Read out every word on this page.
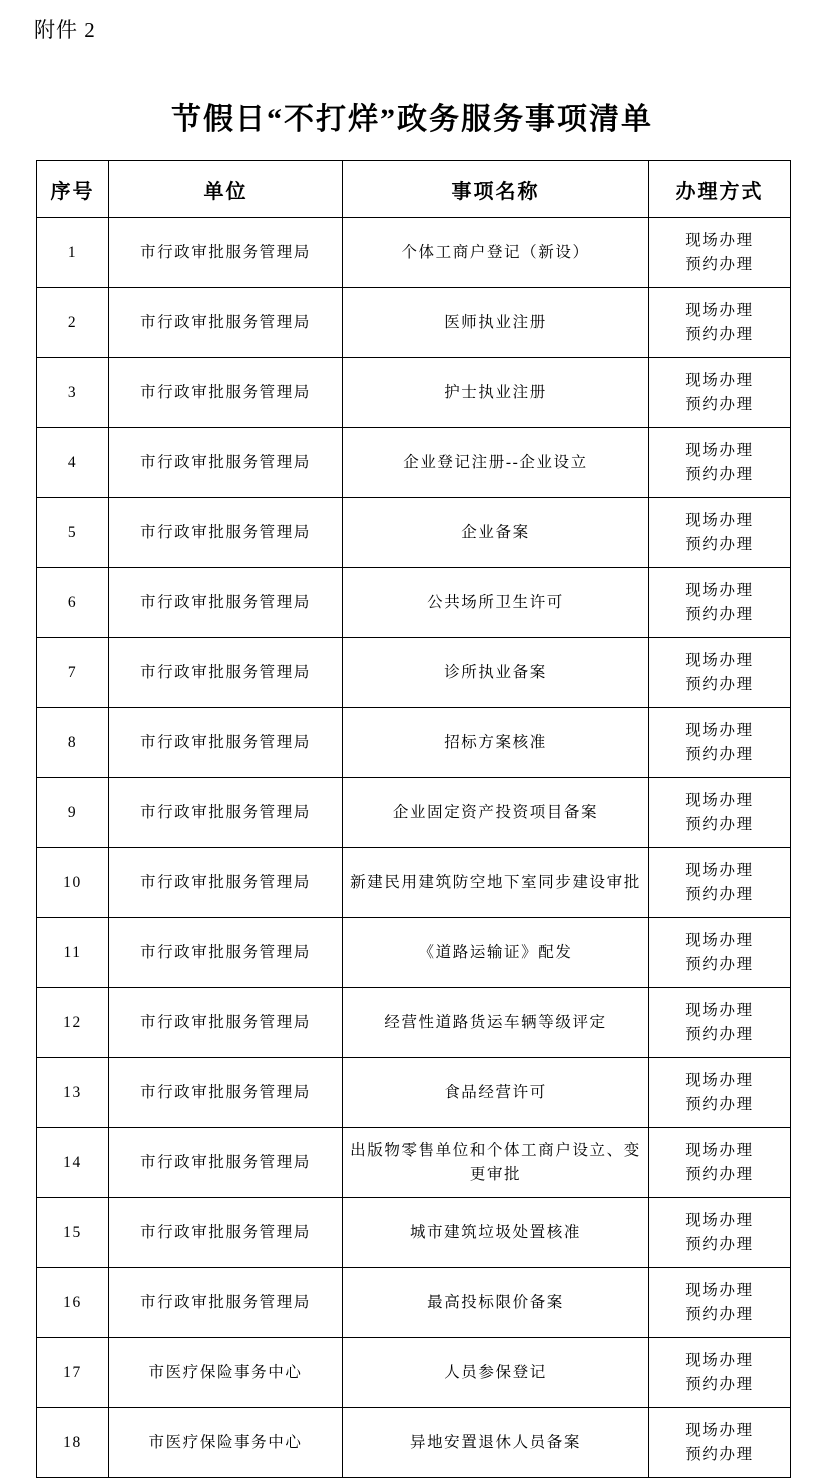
附件 2
节假日“不打烊”政务服务事项清单
序号	单位	事项名称	办理方式
1	市行政审批服务管理局	个体工商户登记（新设）	现场办理
预约办理

2	市行政审批服务管理局	医师执业注册	现场办理
预约办理

3	市行政审批服务管理局	护士执业注册	现场办理
预约办理

4	市行政审批服务管理局	企业登记注册--企业设立	现场办理
预约办理

5	市行政审批服务管理局	企业备案	现场办理
预约办理

6	市行政审批服务管理局	公共场所卫生许可	现场办理
预约办理

7	市行政审批服务管理局	诊所执业备案	现场办理
预约办理

8	市行政审批服务管理局	招标方案核准	现场办理
预约办理

9	市行政审批服务管理局	企业固定资产投资项目备案	现场办理
预约办理

10	市行政审批服务管理局	新建民用建筑防空地下室同步建设审批	现场办理
预约办理

11	市行政审批服务管理局	《道路运输证》配发	现场办理
预约办理

12	市行政审批服务管理局	经营性道路货运车辆等级评定	现场办理
预约办理

13	市行政审批服务管理局	食品经营许可	现场办理
预约办理

14	市行政审批服务管理局	出版物零售单位和个体工商户设立、变更审批	现场办理
预约办理

15	市行政审批服务管理局	城市建筑垃圾处置核准	现场办理
预约办理

16	市行政审批服务管理局	最高投标限价备案	现场办理
预约办理

17	市医疗保险事务中心	人员参保登记	现场办理
预约办理

18	市医疗保险事务中心	异地安置退休人员备案	现场办理
预约办理
